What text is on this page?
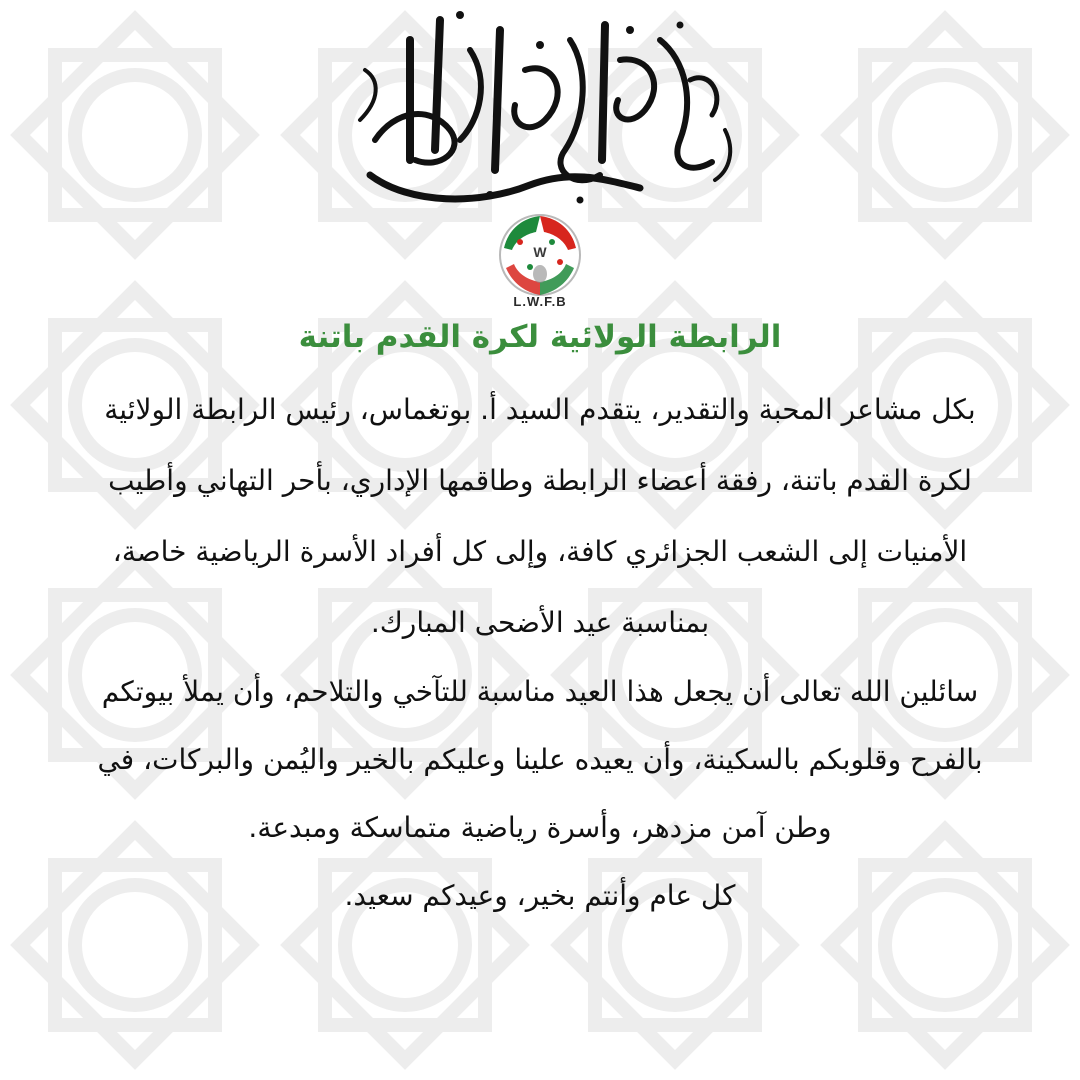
W
L.W.F.B
الرابطة الولائية لكرة القدم باتنة
بكل مشاعر المحبة والتقدير، يتقدم السيد أ. بوتغماس، رئيس الرابطة الولائية
لكرة القدم باتنة، رفقة أعضاء الرابطة وطاقمها الإداري، بأحر التهاني وأطيب
الأمنيات إلى الشعب الجزائري كافة، وإلى كل أفراد الأسرة الرياضية خاصة،
بمناسبة عيد الأضحى المبارك.
سائلين الله تعالى أن يجعل هذا العيد مناسبة للتآخي والتلاحم، وأن يملأ بيوتكم
بالفرح وقلوبكم بالسكينة، وأن يعيده علينا وعليكم بالخير واليُمن والبركات، في
وطن آمن مزدهر، وأسرة رياضية متماسكة ومبدعة.
كل عام وأنتم بخير، وعيدكم سعيد.
